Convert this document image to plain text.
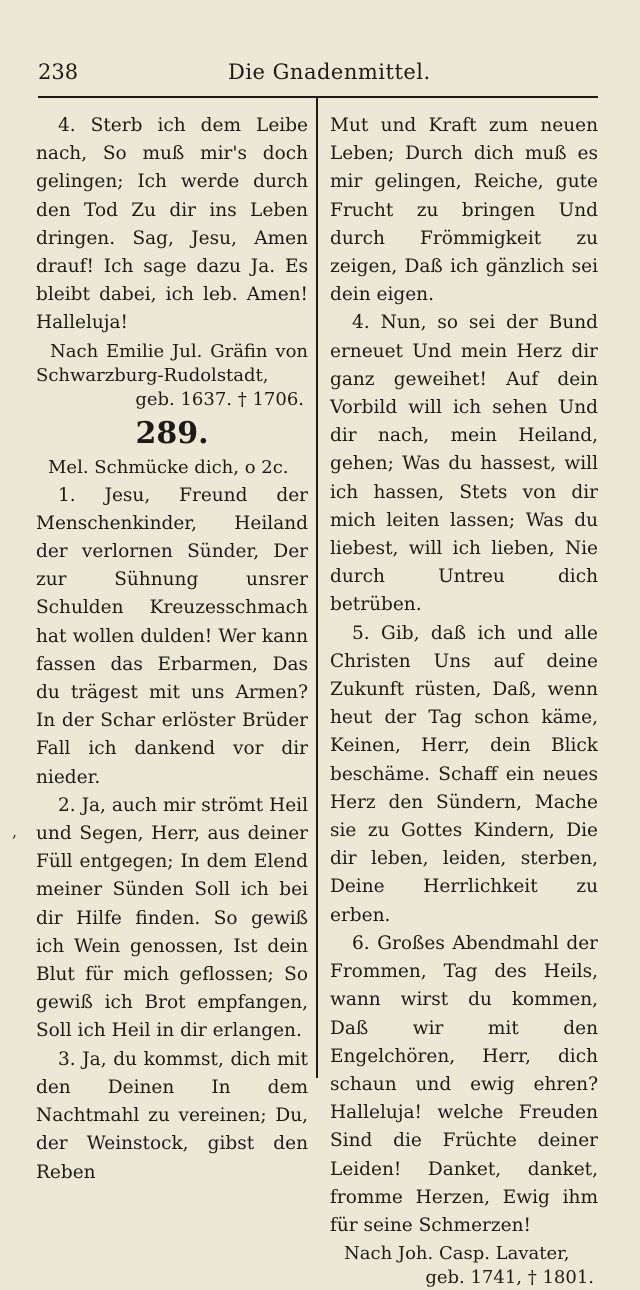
238	Die Gnadenmittel.
,

4. Sterb ich dem Leibe nach, So muß mir's doch gelingen; Ich werde durch den Tod Zu dir ins Leben dringen. Sag, Jesu, Amen drauf! Ich sage dazu Ja. Es bleibt dabei, ich leb. Amen! Halleluja!

Nach Emilie Jul. Gräfin von Schwarzburg-Rudolstadt,
geb. 1637. † 1706.

289.

Mel. Schmücke dich, o 2c.

1. Jesu, Freund der Menschenkinder, Heiland der verlornen Sünder, Der zur Sühnung unsrer Schulden Kreuzesschmach hat wollen dulden! Wer kann fassen das Erbarmen, Das du trägest mit uns Armen? In der Schar erlöster Brüder Fall ich dankend vor dir nieder.

2. Ja, auch mir strömt Heil und Segen, Herr, aus deiner Füll entgegen; In dem Elend meiner Sünden Soll ich bei dir Hilfe finden. So gewiß ich Wein genossen, Ist dein Blut für mich geflossen; So gewiß ich Brot empfangen, Soll ich Heil in dir erlangen.

3. Ja, du kommst, dich mit den Deinen In dem Nachtmahl zu vereinen; Du, der Weinstock, gibst den Reben

Mut und Kraft zum neuen Leben; Durch dich muß es mir gelingen, Reiche, gute Frucht zu bringen Und durch Frömmigkeit zu zeigen, Daß ich gänzlich sei dein eigen.

4. Nun, so sei der Bund erneuet Und mein Herz dir ganz geweihet! Auf dein Vorbild will ich sehen Und dir nach, mein Heiland, gehen; Was du hassest, will ich hassen, Stets von dir mich leiten lassen; Was du liebest, will ich lieben, Nie durch Untreu dich betrüben.

5. Gib, daß ich und alle Christen Uns auf deine Zukunft rüsten, Daß, wenn heut der Tag schon käme, Keinen, Herr, dein Blick beschäme. Schaff ein neues Herz den Sündern, Mache sie zu Gottes Kindern, Die dir leben, leiden, sterben, Deine Herrlichkeit zu erben.

6. Großes Abendmahl der Frommen, Tag des Heils, wann wirst du kommen, Daß wir mit den Engelchören, Herr, dich schaun und ewig ehren? Halleluja! welche Freuden Sind die Früchte deiner Leiden! Danket, danket, fromme Herzen, Ewig ihm für seine Schmerzen!

Nach Joh. Casp. Lavater,
geb. 1741, † 1801.
